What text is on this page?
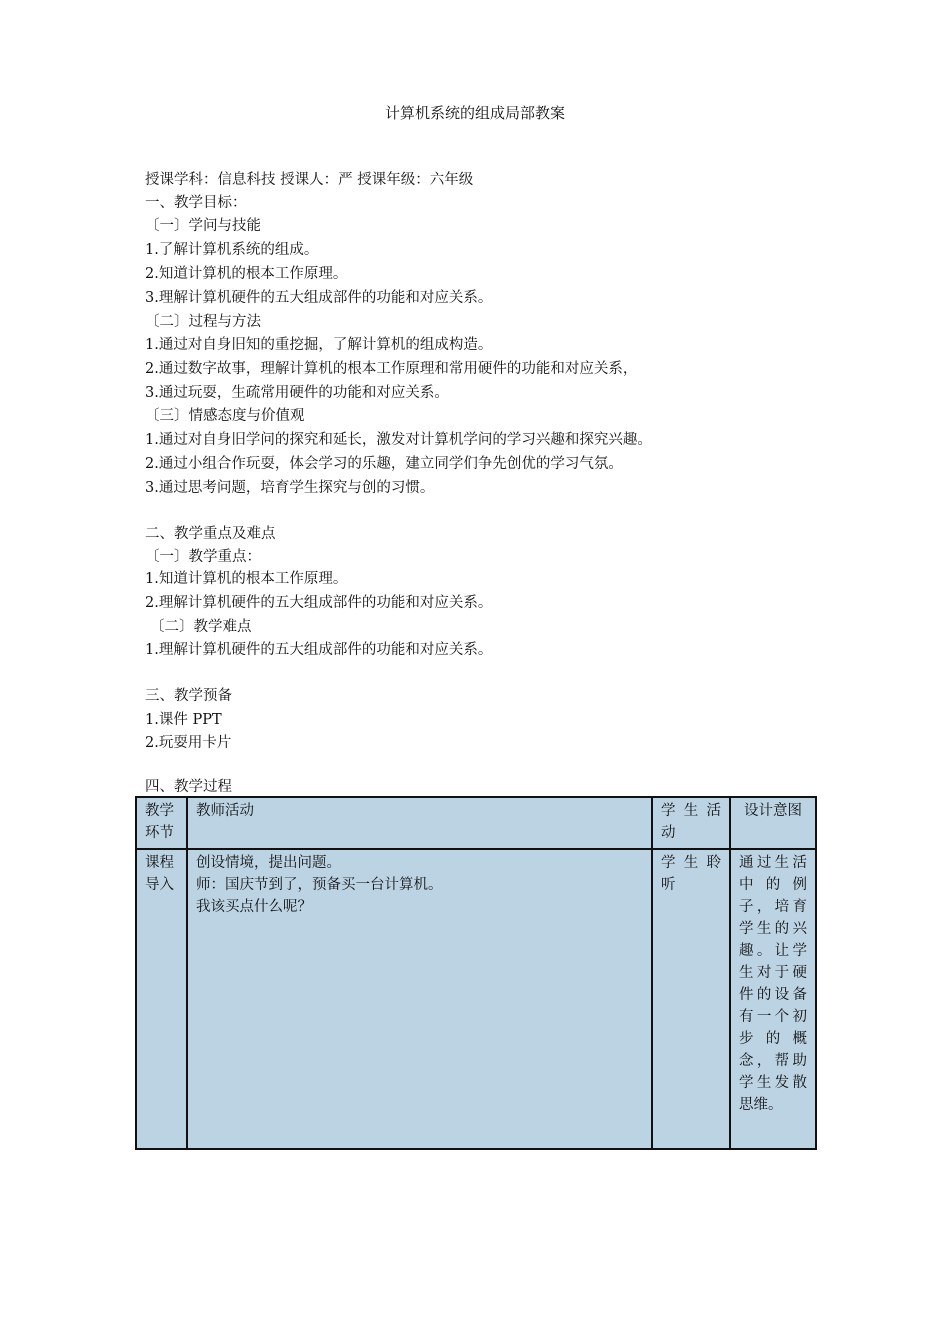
计算机系统的组成局部教案
授课学科：信息科技 授课人：严 授课年级：六年级
一、教学目标：
〔一〕学问与技能
1.了解计算机系统的组成。
2.知道计算机的根本工作原理。
3.理解计算机硬件的五大组成部件的功能和对应关系。
〔二〕过程与方法
1.通过对自身旧知的重挖掘，了解计算机的组成构造。
2.通过数字故事，理解计算机的根本工作原理和常用硬件的功能和对应关系，
3.通过玩耍，生疏常用硬件的功能和对应关系。
〔三〕情感态度与价值观
1.通过对自身旧学问的探究和延长，激发对计算机学问的学习兴趣和探究兴趣。
2.通过小组合作玩耍，体会学习的乐趣，建立同学们争先创优的学习气氛。
3.通过思考问题，培育学生探究与创的习惯。
二、教学重点及难点
〔一〕教学重点：
1.知道计算机的根本工作原理。
2.理解计算机硬件的五大组成部件的功能和对应关系。
〔二〕教学难点
1.理解计算机硬件的五大组成部件的功能和对应关系。
三、教学预备
1.课件 PPT
2.玩耍用卡片
四、教学过程
教学环节	教师活动	学 生 活 动	设计意图
课程导入	创设情境，提出问题。
师：国庆节到了，预备买一台计算机。
我该买点什么呢？	学 生 聆 听	通过生活中的例子，培育学生的兴趣。让学生对于硬件的设备有一个初步的概念，帮助学生发散思维。
